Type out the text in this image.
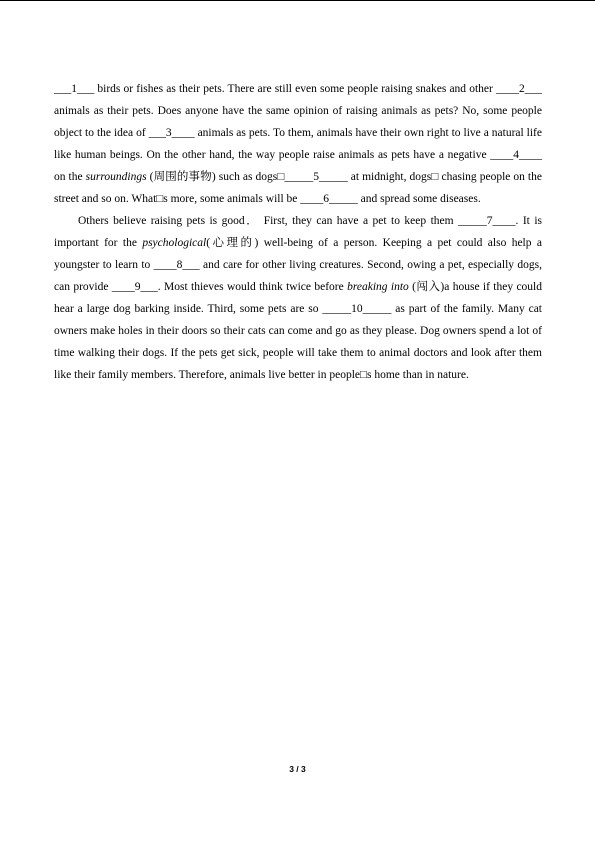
___1___ birds or fishes as their pets. There are still even some people raising snakes and other ____2___ animals as their pets. Does anyone have the same opinion of raising animals as pets? No, some people object to the idea of ___3____ animals as pets. To them, animals have their own right to live a natural life like human beings. On the other hand, the way people raise animals as pets have a negative ____4____ on the surroundings (周围的事物) such as dogs□_____5_____ at midnight, dogs□ chasing people on the street and so on. What□s more, some animals will be ____6_____ and spread some diseases.

Others believe raising pets is good． First, they can have a pet to keep them _____7____. It is important for the psychological(心理的) well-being of a person. Keeping a pet could also help a youngster to learn to ____8___ and care for other living creatures. Second, owing a pet, especially dogs, can provide ____9___. Most thieves would think twice before breaking into (闯入)a house if they could hear a large dog barking inside. Third, some pets are so _____10_____ as part of the family. Many cat owners make holes in their doors so their cats can come and go as they please. Dog owners spend a lot of time walking their dogs. If the pets get sick, people will take them to animal doctors and look after them like their family members. Therefore, animals live better in people□s home than in nature.

3 / 3
